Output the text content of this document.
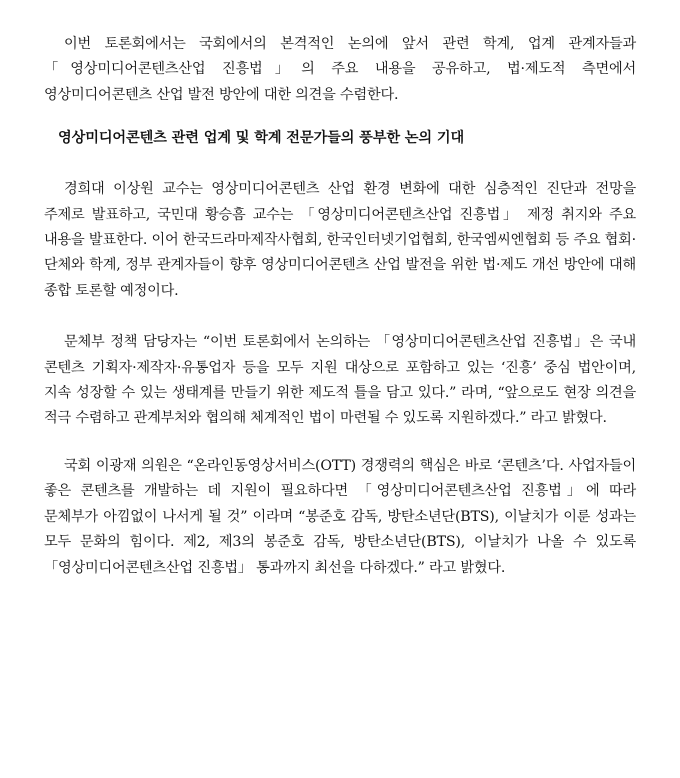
이번 토론회에서는 국회에서의 본격적인 논의에 앞서 관련 학계, 업계 관계자들과 「영상미디어콘텐츠산업 진흥법」의 주요 내용을 공유하고, 법·제도적 측면에서 영상미디어콘텐츠 산업 발전 방안에 대한 의견을 수렴한다.

영상미디어콘텐츠 관련 업계 및 학계 전문가들의 풍부한 논의 기대

경희대 이상원 교수는 영상미디어콘텐츠 산업 환경 변화에 대한 심층적인 진단과 전망을 주제로 발표하고, 국민대 황승흠 교수는 「영상미디어콘텐츠산업 진흥법」 제정 취지와 주요 내용을 발표한다. 이어 한국드라마제작사협회, 한국인터넷기업협회, 한국엠씨엔협회 등 주요 협회·단체와 학계, 정부 관계자들이 향후 영상미디어콘텐츠 산업 발전을 위한 법·제도 개선 방안에 대해 종합 토론할 예정이다.

문체부 정책 담당자는 “이번 토론회에서 논의하는 「영상미디어콘텐츠산업 진흥법」은 국내 콘텐츠 기획자·제작자·유통업자 등을 모두 지원 대상으로 포함하고 있는 ‘진흥’ 중심 법안이며, 지속 성장할 수 있는 생태계를 만들기 위한 제도적 틀을 담고 있다.” 라며, “앞으로도 현장 의견을 적극 수렴하고 관계부처와 협의해 체계적인 법이 마련될 수 있도록 지원하겠다.” 라고 밝혔다.

국회 이광재 의원은 “온라인동영상서비스(OTT) 경쟁력의 핵심은 바로 ‘콘텐츠’다. 사업자들이 좋은 콘텐츠를 개발하는 데 지원이 필요하다면 「영상미디어콘텐츠산업 진흥법」에 따라 문체부가 아낌없이 나서게 될 것” 이라며 “봉준호 감독, 방탄소년단(BTS), 이날치가 이룬 성과는 모두 문화의 힘이다. 제2, 제3의 봉준호 감독, 방탄소년단(BTS), 이날치가 나올 수 있도록 「영상미디어콘텐츠산업 진흥법」 통과까지 최선을 다하겠다.” 라고 밝혔다.
